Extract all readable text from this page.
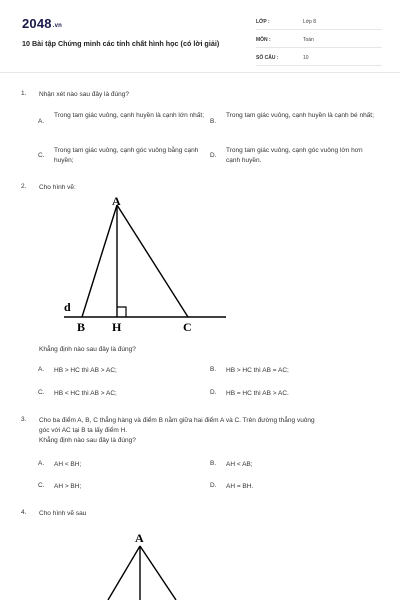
2048.vn
10 Bài tập Chứng minh các tính chất hình học (có lời giải)
LỚP :	Lớp 8
MÔN :	Toán
SỐ CÂU :	10
1. Nhận xét nào sau đây là đúng?
A.
Trong tam giác vuông, cạnh huyền là cạnh lớn nhất;
B.
Trong tam giác vuông, cạnh huyền là cạnh bé nhất;
C.
Trong tam giác vuông, cạnh góc vuông bằng cạnh huyền;
D.
Trong tam giác vuông, cạnh góc vuông lớn hơn cạnh huyền.
2. Cho hình vẽ:
A
B H	C
d
Khẳng định nào sau đây là đúng?
A. HB > HC thì AB > AC;	B. HB > HC thì AB = AC;
C. HB < HC thì AB > AC;	D. HB = HC thì AB > AC.
3. Cho ba điểm A, B, C thẳng hàng và điểm B nằm giữa hai điểm A và C. Trên đường thẳng vuông
góc với AC tại B ta lấy điểm H.
Khẳng định nào sau đây là đúng?
A. AH < BH;	B. AH < AB;
C. AH > BH;	D. AH = BH.
4. Cho hình vẽ sau
A
